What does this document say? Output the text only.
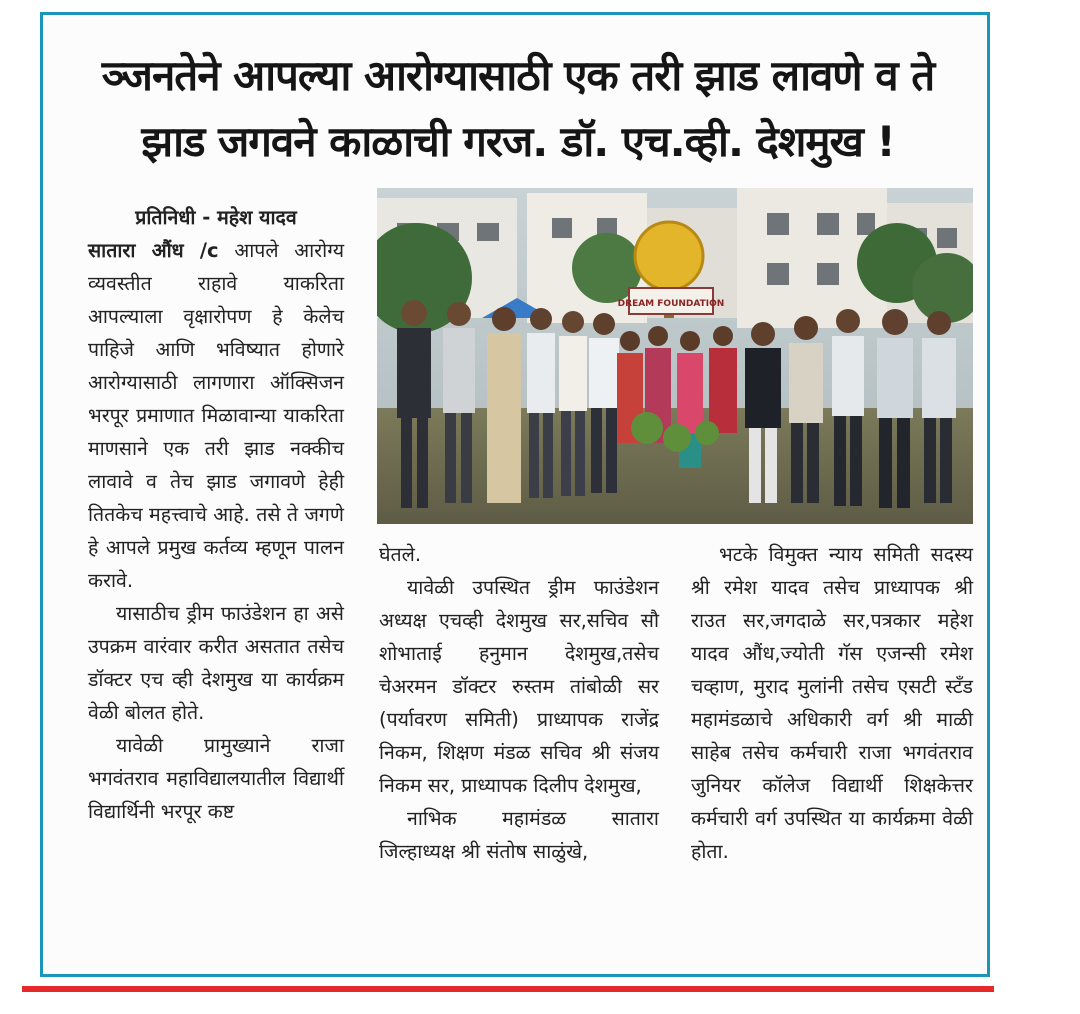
ञ्जनतेने आपल्या आरोग्यासाठी एक तरी झाड लावणे व ते
झाड जगवने काळाची गरज. डॉ. एच.व्ही. देशमुख !

प्रतिनिधी - महेश यादव

सातारा औंध /ᴄ आपले आरोग्य व्यवस्तीत राहावे याकरिता आपल्याला वृक्षारोपण हे केलेच पाहिजे आणि भविष्यात होणारे आरोग्यासाठी लागणारा ऑक्सिजन भरपूर प्रमाणात मिळावान्या याकरिता माणसाने एक तरी झाड नक्कीच लावावे व तेच झाड जगावणे हेही तितकेच महत्त्वाचे आहे. तसे ते जगणे हे आपले प्रमुख कर्तव्य म्हणून पालन करावे.

यासाठीच ड्रीम फाउंडेशन हा असे उपक्रम वारंवार करीत असतात तसेच डॉक्टर एच व्ही देशमुख या कार्यक्रम वेळी बोलत होते.

यावेळी प्रामुख्याने राजा भगवंतराव महाविद्यालयातील विद्यार्थी विद्यार्थिनी भरपूर कष्ट

DREAM FOUNDATION

घेतले.

यावेळी उपस्थित ड्रीम फाउंडेशन अध्यक्ष एचव्ही देशमुख सर,सचिव सौ शोभाताई हनुमान देशमुख,तसेच चेअरमन डॉक्टर रुस्तम तांबोळी सर (पर्यावरण समिती) प्राध्यापक राजेंद्र निकम, शिक्षण मंडळ सचिव श्री संजय निकम सर, प्राध्यापक दिलीप देशमुख,

नाभिक महामंडळ सातारा जिल्हाध्यक्ष श्री संतोष साळुंखे,

भटके विमुक्त न्याय समिती सदस्य श्री रमेश यादव तसेच प्राध्यापक श्री राउत सर,जगदाळे सर,पत्रकार महेश यादव औंध,ज्योती गॅस एजन्सी रमेश चव्हाण, मुराद मुलांनी तसेच एसटी स्टॅंड महामंडळाचे अधिकारी वर्ग श्री माळी साहेब तसेच कर्मचारी राजा भगवंतराव जुनियर कॉलेज विद्यार्थी शिक्षकेत्तर कर्मचारी वर्ग उपस्थित या कार्यक्रमा वेळी होता.
